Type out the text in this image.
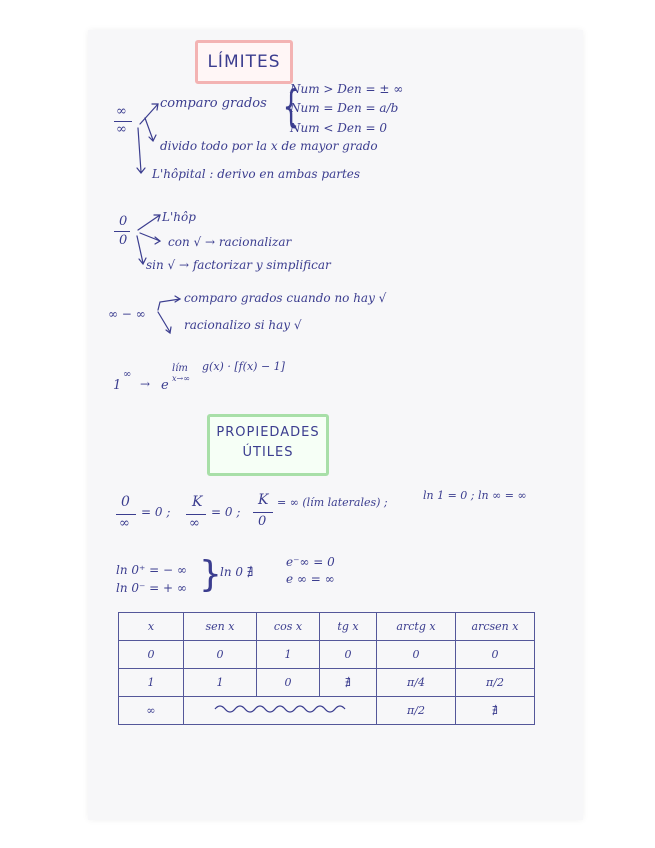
LÍMITES
∞
∞
comparo grados {
Num > Den = ± ∞
Num = Den = a/b
Num < Den = 0
divido todo por la x de mayor grado
L'hôpital : derivo en ambas partes
0
0
L'hôp
con √ → racionalizar
sin √ → factorizar y simplificar
∞ − ∞
comparo grados cuando no hay √
racionalizo si hay √
1
∞
→ e
lím
x→∞
g(x) · [f(x) − 1]
PROPIEDADES
ÚTILES
0
∞
= 0 ;
K
∞
= 0 ;
K
0
= ∞ (lím laterales) ;
ln 1 = 0 ; ln ∞ = ∞
ln 0⁺ = − ∞
ln 0⁻ = + ∞ }
ln 0 ∄
e⁻∞ = 0
e ∞ = ∞
x	sen x	cos x	tg x	arctg x	arcsen x
0	0	1	0	0	0
1	1	0	∄	π/4	π/2
∞				π/2	∄
